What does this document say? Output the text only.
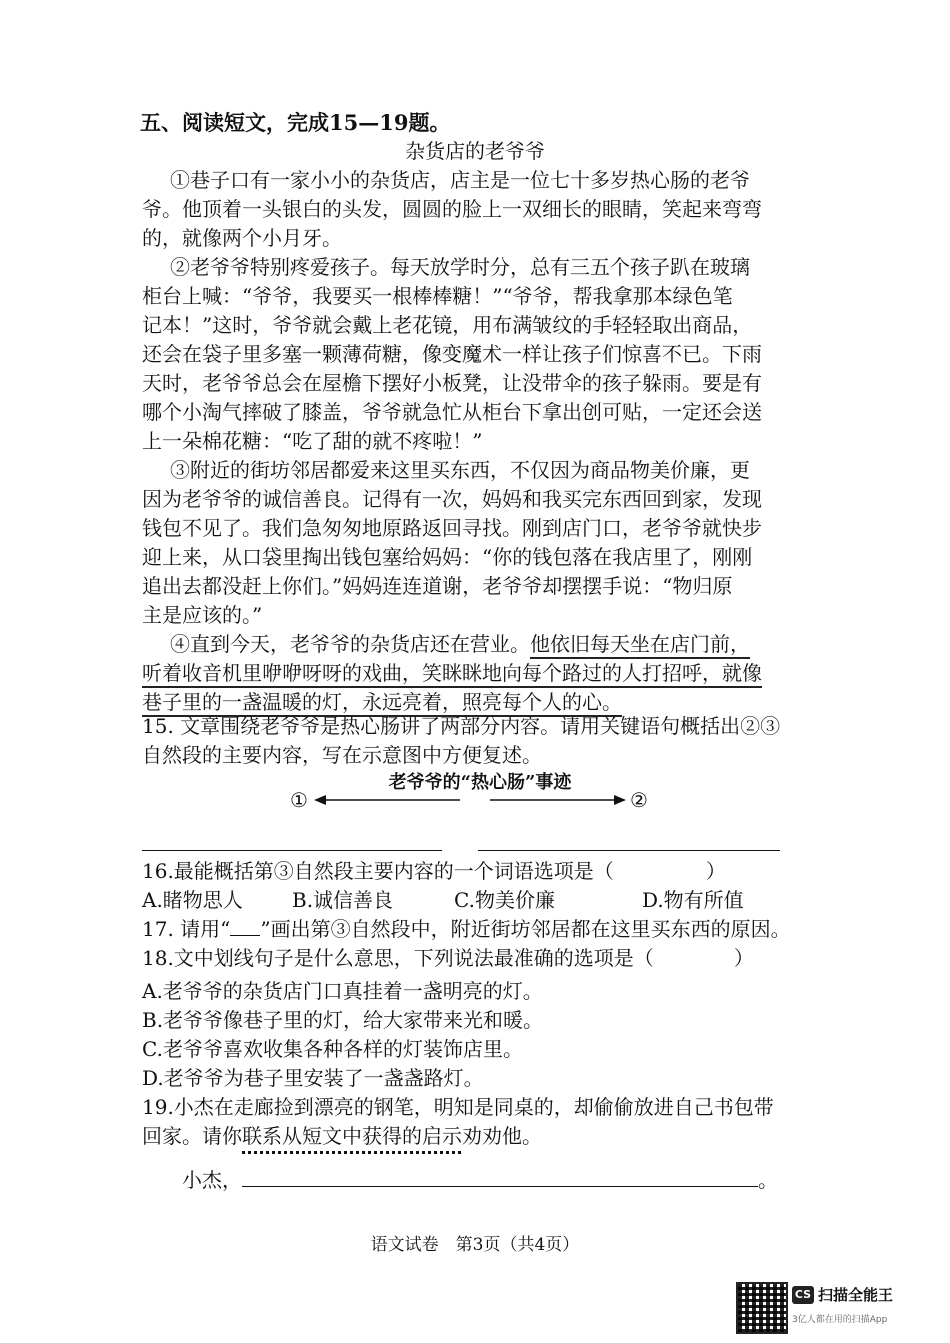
五、阅读短文，完成15—19题。
杂货店的老爷爷
①巷子口有一家小小的杂货店，店主是一位七十多岁热心肠的老爷
爷。他顶着一头银白的头发，圆圆的脸上一双细长的眼睛，笑起来弯弯
的，就像两个小月牙。
②老爷爷特别疼爱孩子。每天放学时分，总有三五个孩子趴在玻璃
柜台上喊：“爷爷，我要买一根棒棒糖！”“爷爷，帮我拿那本绿色笔
记本！”这时，爷爷就会戴上老花镜，用布满皱纹的手轻轻取出商品，
还会在袋子里多塞一颗薄荷糖，像变魔术一样让孩子们惊喜不已。下雨
天时，老爷爷总会在屋檐下摆好小板凳，让没带伞的孩子躲雨。要是有
哪个小淘气摔破了膝盖，爷爷就急忙从柜台下拿出创可贴，一定还会送
上一朵棉花糖：“吃了甜的就不疼啦！”
③附近的街坊邻居都爱来这里买东西，不仅因为商品物美价廉，更
因为老爷爷的诚信善良。记得有一次，妈妈和我买完东西回到家，发现
钱包不见了。我们急匆匆地原路返回寻找。刚到店门口，老爷爷就快步
迎上来，从口袋里掏出钱包塞给妈妈：“你的钱包落在我店里了，刚刚
追出去都没赶上你们。”妈妈连连道谢，老爷爷却摆摆手说：“物归原
主是应该的。”
④直到今天，老爷爷的杂货店还在营业。他依旧每天坐在店门前，
听着收音机里咿咿呀呀的戏曲，笑眯眯地向每个路过的人打招呼，就像
巷子里的一盏温暖的灯，永远亮着，照亮每个人的心。
15. 文章围绕老爷爷是热心肠讲了两部分内容。请用关键语句概括出②③
自然段的主要内容，写在示意图中方便复述。
老爷爷的“热心肠”事迹
①	②
16.最能概括第③自然段主要内容的一个词语选项是（	）
A.睹物思人	B.诚信善良	C.物美价廉	D.物有所值
17. 请用“ ”画出第③自然段中，附近街坊邻居都在这里买东西的原因。
18.文中划线句子是什么意思，下列说法最准确的选项是（	）
A.老爷爷的杂货店门口真挂着一盏明亮的灯。
B.老爷爷像巷子里的灯，给大家带来光和暖。
C.老爷爷喜欢收集各种各样的灯装饰店里。
D.老爷爷为巷子里安装了一盏盏路灯。
19.小杰在走廊捡到漂亮的钢笔，明知是同桌的，却偷偷放进自己书包带
回家。请你联系从短文中获得的启示劝劝他。
小杰，	。
语文试卷　第3页（共4页）
CS 扫描全能王
3亿人都在用的扫描App
